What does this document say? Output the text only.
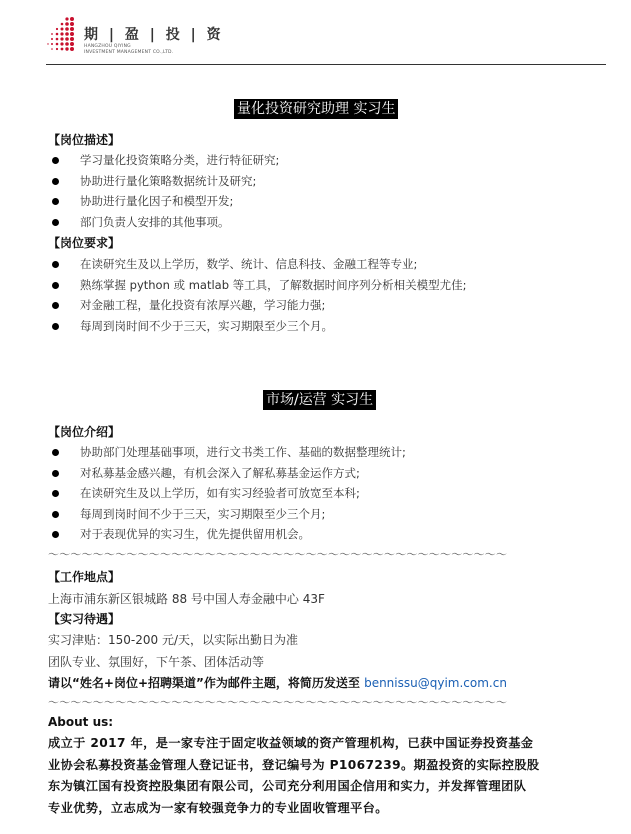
期 | 盈 | 投 | 资
HANGZHOU QIYING
INVESTMENT MANAGEMENT CO.,LTD.
量化投资研究助理 实习生
【岗位描述】
学习量化投资策略分类，进行特征研究;
协助进行量化策略数据统计及研究;
协助进行量化因子和模型开发;
部门负责人安排的其他事项。
【岗位要求】
在读研究生及以上学历，数学、统计、信息科技、金融工程等专业;
熟练掌握 python 或 matlab 等工具，了解数据时间序列分析相关模型尤佳;
对金融工程，量化投资有浓厚兴趣，学习能力强;
每周到岗时间不少于三天，实习期限至少三个月。
市场/运营 实习生
【岗位介绍】
协助部门处理基础事项，进行文书类工作、基础的数据整理统计;
对私募基金感兴趣，有机会深入了解私募基金运作方式;
在读研究生及以上学历，如有实习经验者可放宽至本科;
每周到岗时间不少于三天，实习期限至少三个月;
对于表现优异的实习生，优先提供留用机会。
～～～～～～～～～～～～～～～～～～～～～～～～～～～～～～～～～～～～～～～～～
【工作地点】
上海市浦东新区银城路 88 号中国人寿金融中心 43F
【实习待遇】
实习津贴：150-200 元/天，以实际出勤日为准
团队专业、氛围好，下午茶、团体活动等
请以“姓名+岗位+招聘渠道”作为邮件主题，将简历发送至 bennissu@qyim.com.cn
～～～～～～～～～～～～～～～～～～～～～～～～～～～～～～～～～～～～～～～～～
About us:
成立于 2017 年，是一家专注于固定收益领域的资产管理机构，已获中国证券投资基金
业协会私募投资基金管理人登记证书，登记编号为 P1067239。期盈投资的实际控股股
东为镇江国有投资控股集团有限公司，公司充分利用国企信用和实力，并发挥管理团队
专业优势，立志成为一家有较强竞争力的专业固收管理平台。
